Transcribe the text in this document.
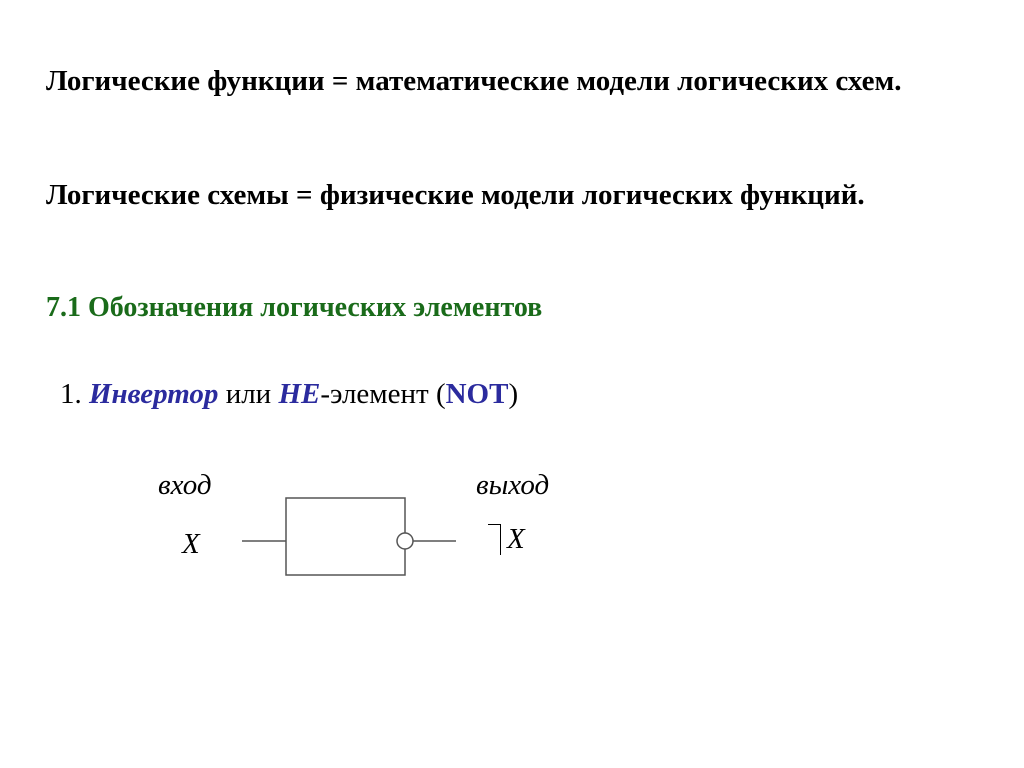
Логические функции = математические модели логических схем.
Логические схемы = физические модели логических функций.
7.1 Обозначения логических элементов
1. Инвертор или НЕ-элемент (NOT)
вход	выход
X	X
